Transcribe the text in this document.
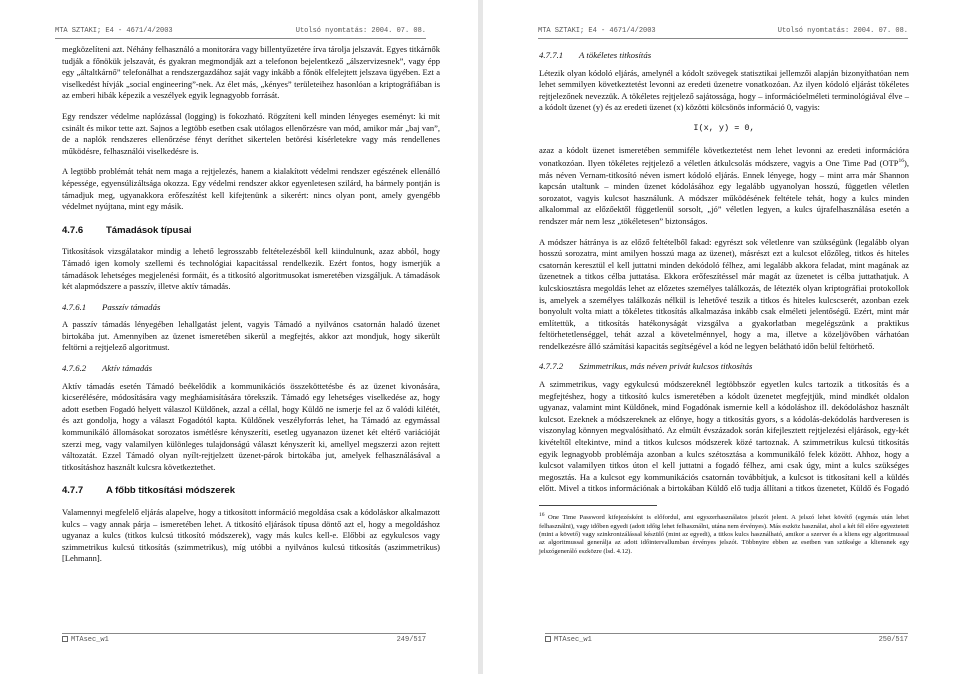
MTA SZTAKI; E4 - 4671/4/2003	Utolsó nyomtatás: 2004. 07. 08.

megközelíteni azt. Néhány felhasználó a monitorára vagy billentyűzetére írva tárolja jelszavát. Egyes titkárnők tudják a főnökük jelszavát, és gyakran megmondják azt a telefonon bejelentkező „álszervizesnek”, vagy épp egy „általtkárnő” telefonálhat a rendszergazdához saját vagy inkább a főnök elfelejtett jelszava ügyében. Ezt a viselkedést hívják „social engineering”-nek. Az élet más, „kényes” területeihez hasonlóan a kriptográfiában is az emberi hibák képezik a veszélyek egyik legnagyobb forrását.

Egy rendszer védelme naplózással (logging) is fokozható. Rögzíteni kell minden lényeges eseményt: ki mit csinált és mikor tette azt. Sajnos a legtöbb esetben csak utólagos ellenőrzésre van mód, amikor már „baj van”, de a naplók rendszeres ellenőrzése fényt deríthet sikertelen betörési kísérletekre vagy más rendellenes működésre, felhasználói viselkedésre is.

A legtöbb problémát tehát nem maga a rejtjelezés, hanem a kialakított védelmi rendszer egészének ellenálló képessége, egyensúlizáltsága okozza. Egy védelmi rendszer akkor egyenletesen szilárd, ha bármely pontján is támadjuk meg, ugyanakkora erőfeszítést kell kifejtenünk a sikerért: nincs olyan pont, amely gyengébb védelmet nyújtana, mint egy másik.

4.7.6 Támadások típusai

Titkosítások vizsgálatakor mindig a lehető legrosszabb feltételezésből kell kiindulnunk, azaz abból, hogy Támadó igen komoly szellemi és technológiai kapacitással rendelkezik. Ezért fontos, hogy ismerjük a támadások lehetséges megjelenési formáit, és a titkosító algoritmusokat ismeretében vizsgáljuk. A támadások két alapmódszere a passzív, illetve aktív támadás.

4.7.6.1 Passzív támadás

A passzív támadás lényegében lehallgatást jelent, vagyis Támadó a nyilvános csatornán haladó üzenet birtokába jut. Amennyiben az üzenet ismeretében sikerül a megfejtés, akkor azt mondjuk, hogy sikerült feltörni a rejtjelező algoritmust.

4.7.6.2 Aktív támadás

Aktív támadás esetén Támadó beékelődik a kommunikációs összeköttetésbe és az üzenet kivonására, kicserélésére, módosítására vagy megháamisítására törekszik. Támadó egy lehetséges viselkedése az, hogy adott esetben Fogadó helyett válaszol Küldőnek, azzal a céllal, hogy Küldő ne ismerje fel az ő valódi kilétét, és azt gondolja, hogy a választ Fogadótól kapta. Küldőnek veszélyforrás lehet, ha Támadó az egymással kommunikáló állomásokat sorozatos ismétlésre kényszeríti, esetleg ugyanazon üzenet két eltérő variációját szerzi meg, vagy valamilyen különleges tulajdonságú választ kényszerít ki, amellyel megszerzi azon rejtett változatát. Ezzel Támadó olyan nyílt-rejtjelzett üzenet-párok birtokába jut, amelyek felhasználásával a titkosításhoz használt kulcsra következtethet.

4.7.7 A főbb titkosítási módszerek

Valamennyi megfelelő eljárás alapelve, hogy a titkosított információ megoldása csak a kódoláskor alkalmazott kulcs – vagy annak párja – ismeretében lehet. A titkosító eljárások típusa döntő azt el, hogy a megoldáshoz ugyanaz a kulcs (titkos kulcsú titkosító módszerek), vagy más kulcs kell-e. Előbbi az egykulcsos vagy szimmetrikus kulcsú titkosítás (szimmetrikus), míg utóbbi a nyilvános kulcsú titkosítás (aszimmetrikus) [Lehmann].

MTAsec_w1	249/517
MTA SZTAKI; E4 - 4671/4/2003	Utolsó nyomtatás: 2004. 07. 08.
4.7.7.1 A tökéletes titkosítás

Létezik olyan kódoló eljárás, amelynél a kódolt szövegek statisztikai jellemzői alapján bizonyíthatóan nem lehet semmilyen következtetést levonni az eredeti üzenetre vonatkozóan. Az ilyen kódoló eljárást tökéletes rejtjelezőnek nevezzük. A tökéletes rejtjelező sajátossága, hogy – információelméleti terminológiával élve – a kódolt üzenet (y) és az eredeti üzenet (x) közötti kölcsönös információ 0, vagyis:

I(x, y) = 0,

azaz a kódolt üzenet ismeretében semmiféle következtetést nem lehet levonni az eredeti információra vonatkozóan. Ilyen tökéletes rejtjelező a véletlen átkulcsolás módszere, vagyis a One Time Pad (OTP$^{16}$), más néven Vernam-titkosító néven ismert kódoló eljárás. Ennek lényege, hogy – mint arra már Shannon kapcsán utaltunk – minden üzenet kódolásához egy legalább ugyanolyan hosszú, független véletlen sorozatot, vagyis kulcsot használunk. A módszer működésének feltétele tehát, hogy a kulcs minden alkalommal az előzőektől függetlenül sorsolt, „jó” véletlen legyen, a kulcs újrafelhasználása esetén a rendszer már nem lesz „tökéletesen” biztonságos.

A módszer hátránya is az előző feltételből fakad: egyrészt sok véletlenre van szükségünk (legalább olyan hosszú sorozatra, mint amilyen hosszú maga az üzenet), másrészt ezt a kulcsot előzőleg, titkos és hiteles csatornán keresztül el kell juttatni minden dekódoló félhez, ami legalább akkora feladat, mint magának az üzenetnek a titkos célba juttatása. Ekkora erőfeszítéssel már magát az üzenetet is célba juttathatjuk. A kulcskiosztásra megoldás lehet az előzetes személyes találkozás, de létezték olyan kriptográfiai protokollok is, amelyek a személyes találkozás nélkül is lehetővé teszik a titkos és hiteles kulcscserét, azonban ezek bonyolult volta miatt a tökéletes titkosítás alkalmazása inkább csak elméleti jelentőségű. Ezért, mint már említettük, a titkosítás hatékonyságát vizsgálva a gyakorlatban megelégszünk a praktikus feltörhetetlenséggel, tehát azzal a követelménnyel, hogy a ma, illetve a közeljövőben várhatóan rendelkezésre álló számítási kapacitás segítségével a kód ne legyen belátható időn belül feltörhető.

4.7.7.2 Szimmetrikus, más néven privát kulcsos titkosítás

A szimmetrikus, vagy egykulcsú módszereknél legtöbbször egyetlen kulcs tartozik a titkosítás és a megfejtéshez, hogy a titkosító kulcs ismeretében a kódolt üzenetet megfejtjük, mind mindkét oldalon ugyanaz, valamint mint Küldőnek, mind Fogadónak ismernie kell a kódoláshoz ill. dekódoláshoz használt kulcsot. Ezeknek a módszereknek az előnye, hogy a titkosítás gyors, s a kódolás-dekódolás hardveresen is viszonylag könnyen megvalósítható. Az elmúlt évszázadok során kifejlesztett rejtjelezési eljárások, egy-két kivételtől eltekintve, mind a titkos kulcsos módszerek közé tartoznak. A szimmetrikus kulcsú titkosítás egyik legnagyobb problémája azonban a kulcs szétosztása a kommunikáló felek között. Ahhoz, hogy a kulcsot valamilyen titkos úton el kell juttatni a fogadó félhez, ami csak úgy, mint a kulcs szükséges megosztás. Ha a kulcsot egy kommunikációs csatornán továbbítjuk, a kulcsot is titkosítani kell a küldés előtt. Mivel a titkos információnak a birtokában Küldő elő tudja állítani a titkos üzenetet, Küldő és Fogadó

$^{16}$ One Time Password kifejezésként is előfordul, ami egyszerhasználatos jelszót jelent. A jelszó lehet kövétő (egymás után lehet felhasználni), vagy időben egyedi (adott időig lehet felhasználni, utána nem érvényes). Más eszköz használat, ahol a két fél előre egyeztetett (mint a követő) vagy szinkronizálással készülő (mint az egyedi), a titkos kulcs használható, amikor a szerver és a kliens egy algoritmussal az algoritmussal generálja az adott időintervallumban érvényes jelszót. Többnyire ebben az esetben van szüksége a kliensnek egy jelszógeneráló eszközre (lsd. 4.12).
MTAsec_w1	250/517
